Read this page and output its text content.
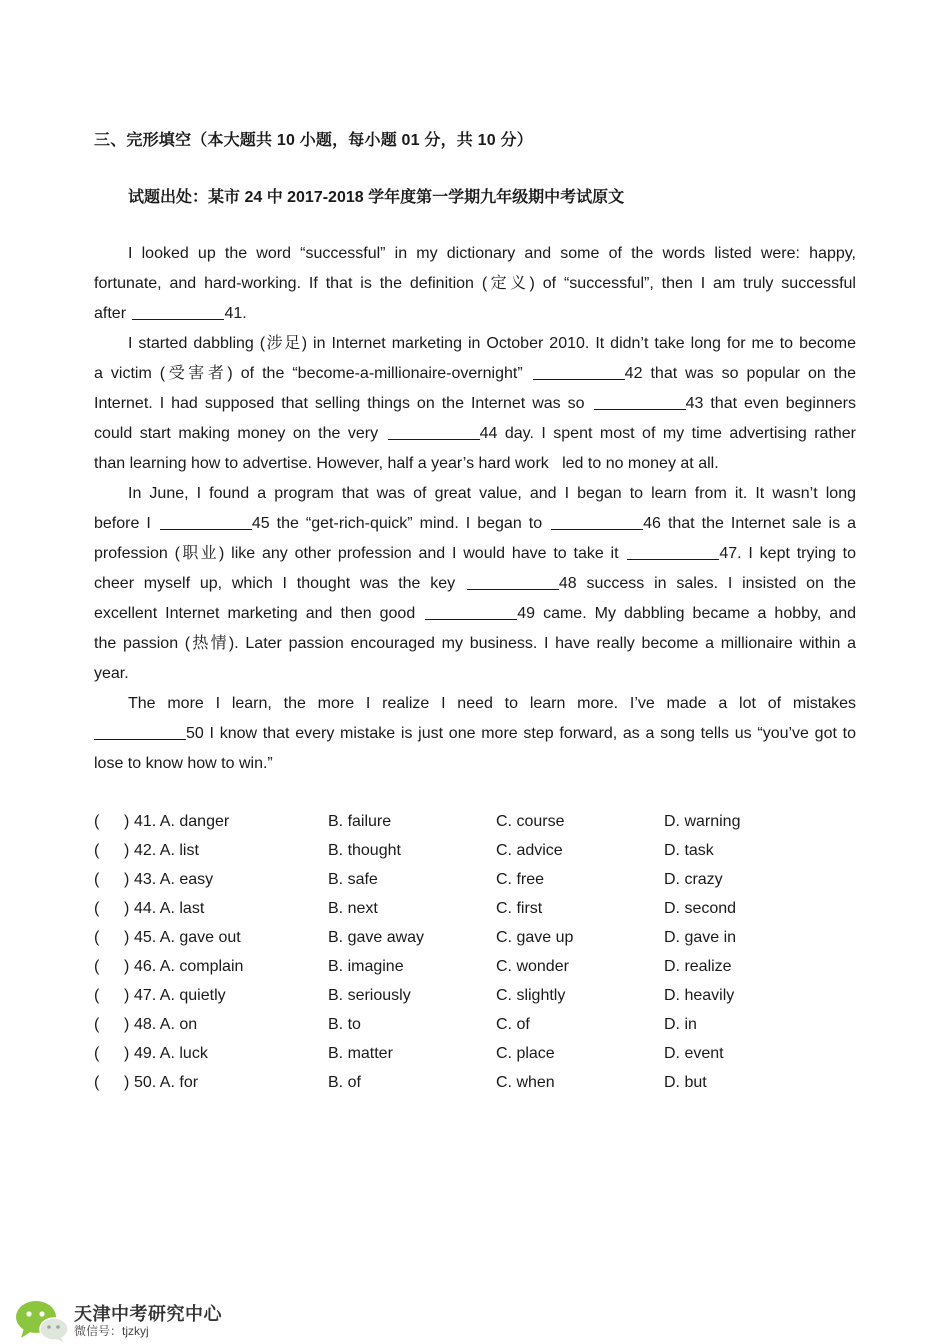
三、完形填空（本大题共 10 小题，每小题 01 分，共 10 分）
试题出处：某市 24 中 2017-2018 学年度第一学期九年级期中考试原文
I looked up the word “successful” in my dictionary and some of the words listed were: happy,
fortunate, and hard-working. If that is the definition (定义) of “successful”, then I am truly successful
after	41.
I started dabbling (涉足) in Internet marketing in October 2010. It didn’t take long for me to become
a victim (受害者) of the “become-a-millionaire-overnight”	42 that was so popular on the
Internet. I had supposed that selling things on the Internet was so	43 that even beginners
could start making money on the very	44 day. I spent most of my time advertising rather
than learning how to advertise. However, half a year’s hard work   led to no money at all.
In June, I found a program that was of great value, and I began to learn from it. It wasn’t long
before I	45 the “get-rich-quick” mind. I began to	46 that the Internet sale is a
profession (职业) like any other profession and I would have to take it	47. I kept trying to
cheer myself up, which I thought was the key	48 success in sales. I insisted on the
excellent Internet marketing and then good	49 came. My dabbling became a hobby, and
the passion (热情). Later passion encouraged my business. I have really become a millionaire within a
year.
The more I learn, the more I realize I need to learn more. I’ve made a lot of mistakes
50 I know that every mistake is just one more step forward, as a song tells us “you’ve got to
lose to know how to win.”
( ) 41. A. danger	B. failure	C. course	D. warning
( ) 42. A. list	B. thought	C. advice	D. task
( ) 43. A. easy	B. safe	C. free	D. crazy
( ) 44. A. last	B. next	C. first	D. second
( ) 45. A. gave out	B. gave away	C. gave up	D. gave in
( ) 46. A. complain	B. imagine	C. wonder	D. realize
( ) 47. A. quietly	B. seriously	C. slightly	D. heavily
( ) 48. A. on	B. to	C. of	D. in
( ) 49. A. luck	B. matter	C. place	D. event
( ) 50. A. for	B. of	C. when	D. but
天津中考研究中心
微信号：tjzkyj
